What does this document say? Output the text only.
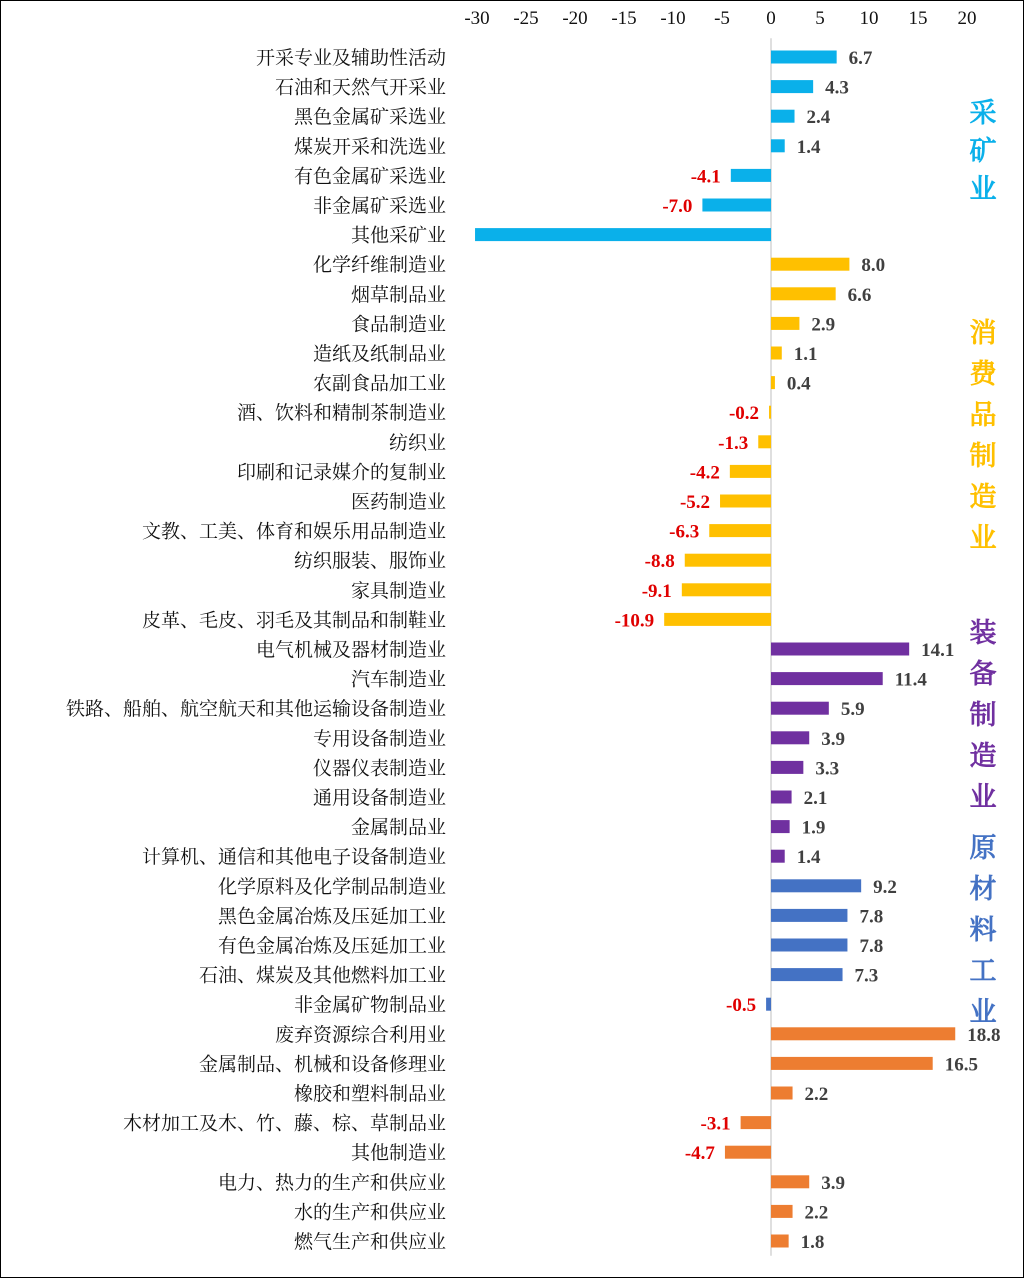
-30 -25 -20 -15 -10 -5 0 5 10 15 20
开采专业及辅助性活动	6.7
石油和天然气开采业	4.3
黑色金属矿采选业	2.4
煤炭开采和洗选业	1.4
有色金属矿采选业	-4.1
非金属矿采选业	-7.0
其他采矿业
化学纤维制造业	8.0
烟草制品业	6.6
食品制造业	2.9
造纸及纸制品业	1.1
农副食品加工业	0.4
酒、饮料和精制茶制造业	-0.2
纺织业	-1.3
印刷和记录媒介的复制业	-4.2
医药制造业	-5.2
文教、工美、体育和娱乐用品制造业	-6.3
纺织服装、服饰业	-8.8
家具制造业	-9.1
皮革、毛皮、羽毛及其制品和制鞋业	-10.9
电气机械及器材制造业	14.1
汽车制造业	11.4
铁路、船舶、航空航天和其他运输设备制造业	5.9
专用设备制造业	3.9
仪器仪表制造业	3.3
通用设备制造业	2.1
金属制品业	1.9
计算机、通信和其他电子设备制造业	1.4
化学原料及化学制品制造业	9.2
黑色金属冶炼及压延加工业	7.8
有色金属冶炼及压延加工业	7.8
石油、煤炭及其他燃料加工业	7.3
非金属矿物制品业	-0.5
废弃资源综合利用业	18.8
金属制品、机械和设备修理业	16.5
橡胶和塑料制品业	2.2
木材加工及木、竹、藤、棕、草制品业	-3.1
其他制造业	-4.7
电力、热力的生产和供应业	3.9
水的生产和供应业	2.2
燃气生产和供应业	1.8
采
矿
业
消
费
品
制
造
业
装
备
制
造
业
原
材
料
工
业
